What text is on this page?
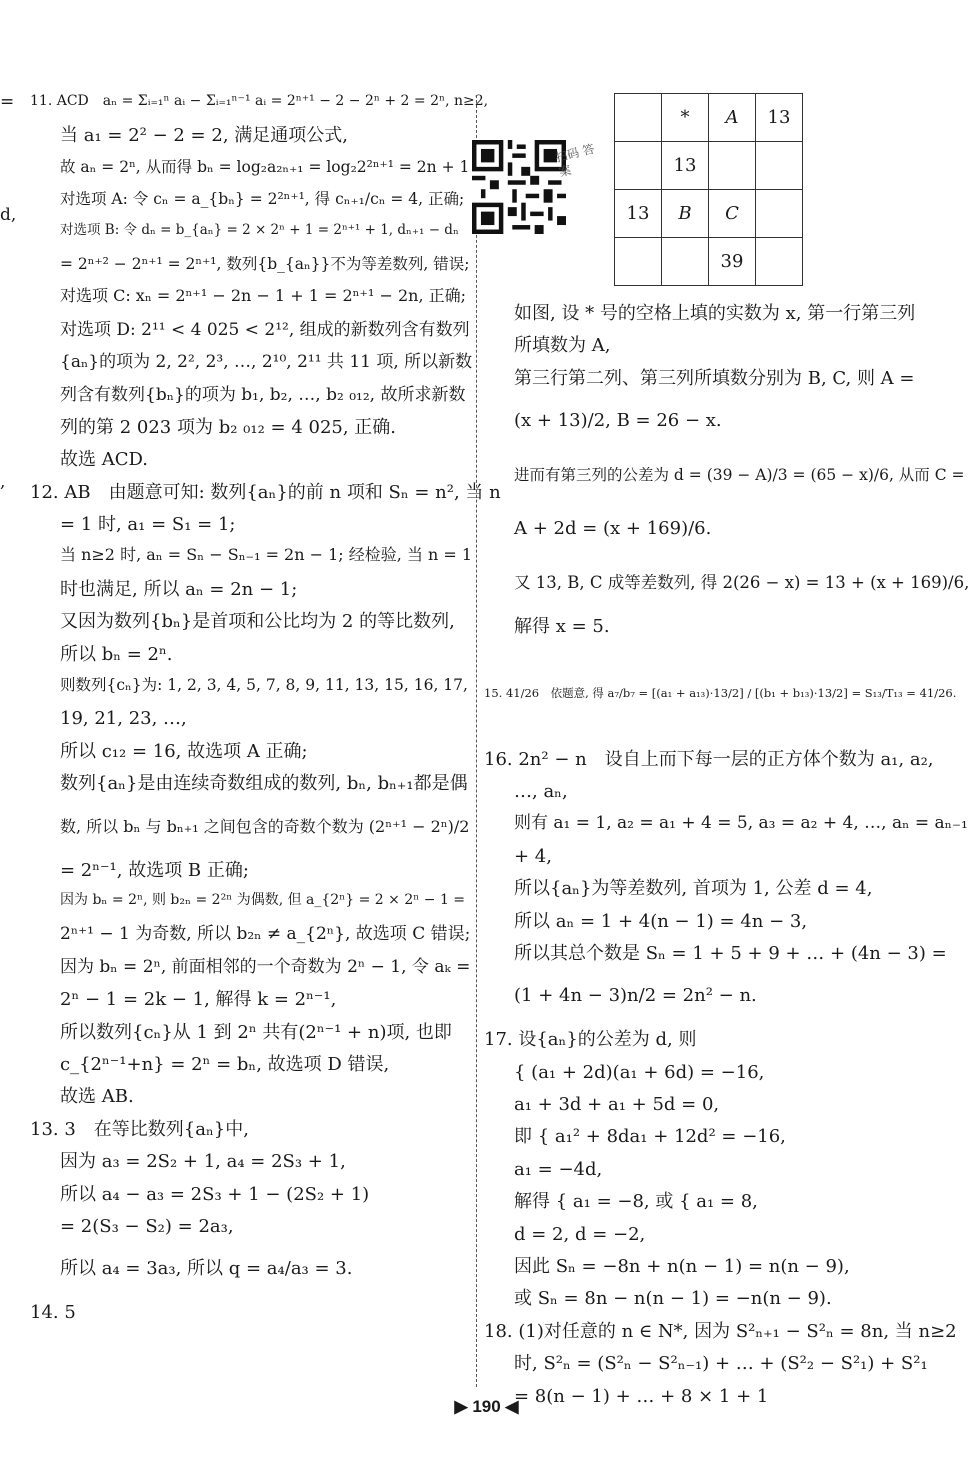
=
d,
,
11. ACD　aₙ = Σᵢ₌₁ⁿ aᵢ − Σᵢ₌₁ⁿ⁻¹ aᵢ = 2ⁿ⁺¹ − 2 − 2ⁿ + 2 = 2ⁿ, n≥2,
当 a₁ = 2² − 2 = 2, 满足通项公式,
故 aₙ = 2ⁿ, 从而得 bₙ = log₂a₂ₙ₊₁ = log₂2²ⁿ⁺¹ = 2n + 1
对选项 A: 令 cₙ = a_{bₙ} = 2²ⁿ⁺¹, 得 cₙ₊₁/cₙ = 4, 正确;
对选项 B: 令 dₙ = b_{aₙ} = 2 × 2ⁿ + 1 = 2ⁿ⁺¹ + 1, dₙ₊₁ − dₙ
= 2ⁿ⁺² − 2ⁿ⁺¹ = 2ⁿ⁺¹, 数列{b_{aₙ}}不为等差数列, 错误;
对选项 C: xₙ = 2ⁿ⁺¹ − 2n − 1 + 1 = 2ⁿ⁺¹ − 2n, 正确;
对选项 D: 2¹¹ < 4 025 < 2¹², 组成的新数列含有数列
{aₙ}的项为 2, 2², 2³, …, 2¹⁰, 2¹¹ 共 11 项, 所以新数
列含有数列{bₙ}的项为 b₁, b₂, …, b₂ ₀₁₂, 故所求新数
列的第 2 023 项为 b₂ ₀₁₂ = 4 025, 正确.
故选 ACD.
12. AB　由题意可知: 数列{aₙ}的前 n 项和 Sₙ = n², 当 n
= 1 时, a₁ = S₁ = 1;
当 n≥2 时, aₙ = Sₙ − Sₙ₋₁ = 2n − 1; 经检验, 当 n = 1
时也满足, 所以 aₙ = 2n − 1;
又因为数列{bₙ}是首项和公比均为 2 的等比数列,
所以 bₙ = 2ⁿ.
则数列{cₙ}为: 1, 2, 3, 4, 5, 7, 8, 9, 11, 13, 15, 16, 17,
19, 21, 23, …,
所以 c₁₂ = 16, 故选项 A 正确;
数列{aₙ}是由连续奇数组成的数列, bₙ, bₙ₊₁都是偶
数, 所以 bₙ 与 bₙ₊₁ 之间包含的奇数个数为 (2ⁿ⁺¹ − 2ⁿ)/2
= 2ⁿ⁻¹, 故选项 B 正确;
因为 bₙ = 2ⁿ, 则 b₂ₙ = 2²ⁿ 为偶数, 但 a_{2ⁿ} = 2 × 2ⁿ − 1 =
2ⁿ⁺¹ − 1 为奇数, 所以 b₂ₙ ≠ a_{2ⁿ}, 故选项 C 错误;
因为 bₙ = 2ⁿ, 前面相邻的一个奇数为 2ⁿ − 1, 令 aₖ =
2ⁿ − 1 = 2k − 1, 解得 k = 2ⁿ⁻¹,
所以数列{cₙ}从 1 到 2ⁿ 共有(2ⁿ⁻¹ + n)项, 也即
c_{2ⁿ⁻¹+n} = 2ⁿ = bₙ, 故选项 D 错误,
故选 AB.
13. 3　在等比数列{aₙ}中,
因为 a₃ = 2S₂ + 1, a₄ = 2S₃ + 1,
所以 a₄ − a₃ = 2S₃ + 1 − (2S₂ + 1)
= 2(S₃ − S₂) = 2a₃,
所以 a₄ = 3a₃, 所以 q = a₄/a₃ = 3.
14. 5
扫码 答案
	*	A	13
	13		
13	B	C	
		39	
如图, 设 * 号的空格上填的实数为 x, 第一行第三列
所填数为 A,
第三行第二列、第三列所填数分别为 B, C, 则 A =
(x + 13)/2, B = 26 − x.
进而有第三列的公差为 d = (39 − A)/3 = (65 − x)/6, 从而 C =
A + 2d = (x + 169)/6.
又 13, B, C 成等差数列, 得 2(26 − x) = 13 + (x + 169)/6,
解得 x = 5.
15. 41/26　依题意, 得 a₇/b₇ = [(a₁ + a₁₃)·13/2] / [(b₁ + b₁₃)·13/2] = S₁₃/T₁₃ = 41/26.
16. 2n² − n　设自上而下每一层的正方体个数为 a₁, a₂,
…, aₙ,
则有 a₁ = 1, a₂ = a₁ + 4 = 5, a₃ = a₂ + 4, …, aₙ = aₙ₋₁
+ 4,
所以{aₙ}为等差数列, 首项为 1, 公差 d = 4,
所以 aₙ = 1 + 4(n − 1) = 4n − 3,
所以其总个数是 Sₙ = 1 + 5 + 9 + … + (4n − 3) =
(1 + 4n − 3)n/2 = 2n² − n.
17. 设{aₙ}的公差为 d, 则
{ (a₁ + 2d)(a₁ + 6d) = −16,
a₁ + 3d + a₁ + 5d = 0,
即 { a₁² + 8da₁ + 12d² = −16,
a₁ = −4d,
解得 { a₁ = −8, 或 { a₁ = 8,
d = 2, d = −2,
因此 Sₙ = −8n + n(n − 1) = n(n − 9),
或 Sₙ = 8n − n(n − 1) = −n(n − 9).
18. (1)对任意的 n ∈ N*, 因为 S²ₙ₊₁ − S²ₙ = 8n, 当 n≥2
时, S²ₙ = (S²ₙ − S²ₙ₋₁) + … + (S²₂ − S²₁) + S²₁
= 8(n − 1) + … + 8 × 1 + 1
▶ 190 ◀
